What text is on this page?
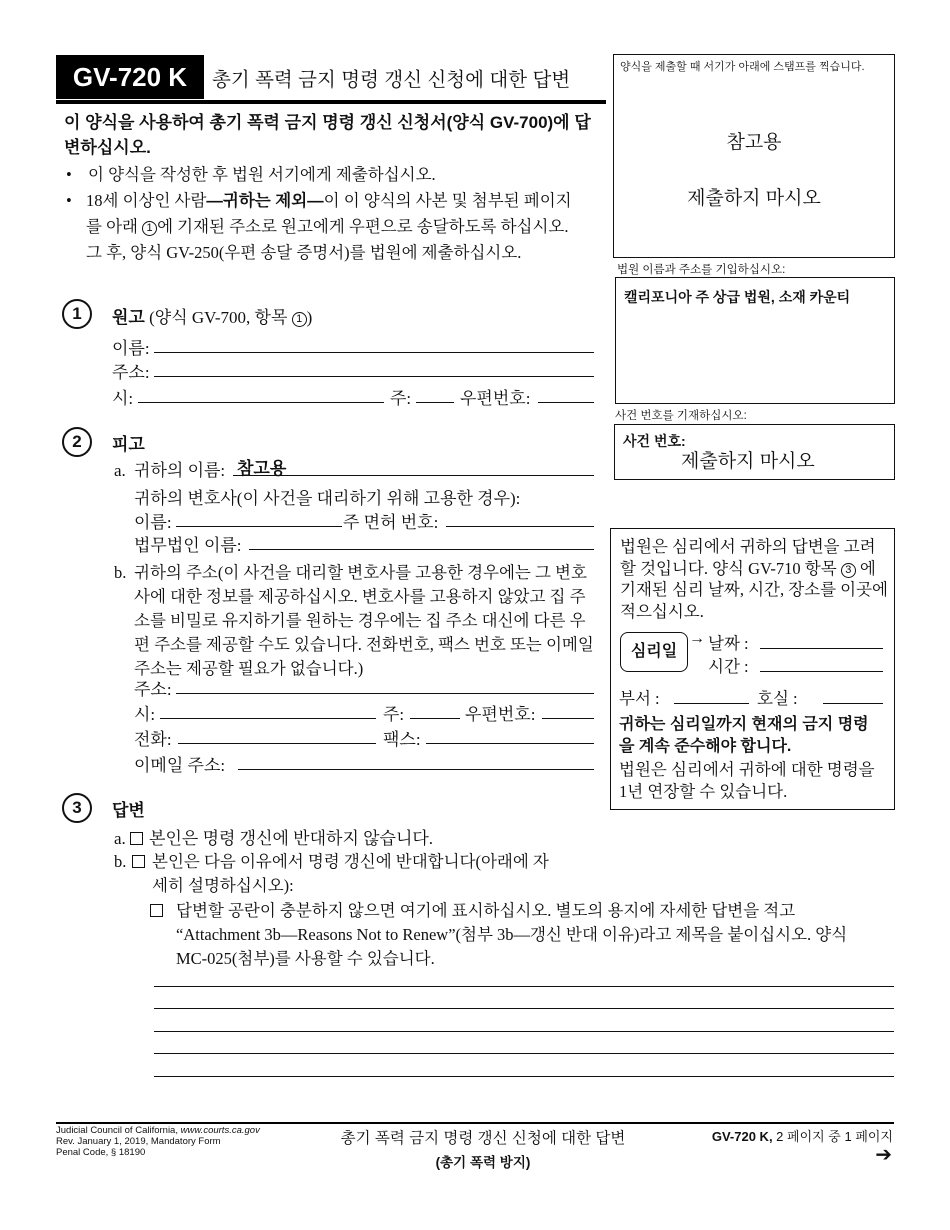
GV-720 K	총기 폭력 금지 명령 갱신 신청에 대한 답변
이 양식을 사용하여 총기 폭력 금지 명령 갱신 신청서(양식 GV-700)에 답변하십시오.
• 이 양식을 작성한 후 법원 서기에게 제출하십시오.
• 18세 이상인 사람—귀하는 제외—이 이 양식의 사본 및 첨부된 페이지를 아래 1 에 기재된 주소로 원고에게 우편으로 송달하도록 하십시오. 그 후, 양식 GV-250(우편 송달 증명서)를 법원에 제출하십시오.
양식을 제출할 때 서기가 아래에 스탬프를 찍습니다.
참고용
제출하지 마시오
법원 이름과 주소를 기입하십시오:
캘리포니아 주 상급 법원, 소재 카운티
사건 번호를 기재하십시오:
사건 번호:
제출하지 마시오
1	원고 (양식 GV-700, 항목 1 )
이름:
주소:
시:	주:	우편번호:
2	피고
a. 귀하의 이름: 참고용
귀하의 변호사(이 사건을 대리하기 위해 고용한 경우):
이름:	주 면허 번호:
법무법인 이름:
b. 귀하의 주소(이 사건을 대리할 변호사를 고용한 경우에는 그 변호사에 대한 정보를 제공하십시오. 변호사를 고용하지 않았고 집 주소를 비밀로 유지하기를 원하는 경우에는 집 주소 대신에 다른 우편 주소를 제공할 수도 있습니다. 전화번호, 팩스 번호 또는 이메일 주소는 제공할 필요가 없습니다.)
주소:
시:	주:	우편번호:
전화:	팩스:
이메일 주소:
법원은 심리에서 귀하의 답변을 고려할 것입니다. 양식 GV-710 항목 3 에 기재된 심리 날짜, 시간, 장소를 이곳에 적으십시오.
심리일
→ 날짜 :
시간 :
부서 :	호실 :
귀하는 심리일까지 현재의 금지 명령을 계속 준수해야 합니다.
법원은 심리에서 귀하에 대한 명령을 1년 연장할 수 있습니다.
3	답변
a. 본인은 명령 갱신에 반대하지 않습니다.
b. 본인은 다음 이유에서 명령 갱신에 반대합니다(아래에 자세히 설명하십시오):
답변할 공란이 충분하지 않으면 여기에 표시하십시오. 별도의 용지에 자세한 답변을 적고 “Attachment 3b—Reasons Not to Renew”(첨부 3b—갱신 반대 이유)라고 제목을 붙이십시오. 양식 MC-025(첨부)를 사용할 수 있습니다.
Judicial Council of California, www.courts.ca.gov
Rev. January 1, 2019, Mandatory Form
Penal Code, § 18190
총기 폭력 금지 명령 갱신 신청에 대한 답변
(총기 폭력 방지)
GV-720 K, 2 페이지 중 1 페이지
➔
